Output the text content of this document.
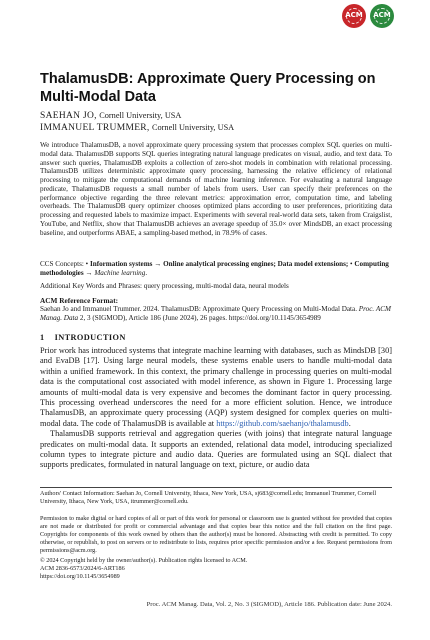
ACM	ACM
ThalamusDB: Approximate Query Processing on Multi-Modal Data
SAEHAN JO, Cornell University, USA
IMMANUEL TRUMMER, Cornell University, USA

We introduce ThalamusDB, a novel approximate query processing system that processes complex SQL queries on multi-modal data. ThalamusDB supports SQL queries integrating natural language predicates on visual, audio, and text data. To answer such queries, ThalamusDB exploits a collection of zero-shot models in combination with relational processing. ThalamusDB utilizes deterministic approximate query processing, harnessing the relative efficiency of relational processing to mitigate the computational demands of machine learning inference. For evaluating a natural language predicate, ThalamusDB requests a small number of labels from users. User can specify their preferences on the performance objective regarding the three relevant metrics: approximation error, computation time, and labeling overheads. The ThalamusDB query optimizer chooses optimized plans according to user preferences, prioritizing data processing and requested labels to maximize impact. Experiments with several real-world data sets, taken from Craigslist, YouTube, and Netflix, show that ThalamusDB achieves an average speedup of 35.0× over MindsDB, an exact processing baseline, and outperforms ABAE, a sampling-based method, in 78.9% of cases.

CCS Concepts: • Information systems → Online analytical processing engines; Data model extensions; • Computing methodologies → Machine learning.
Additional Key Words and Phrases: query processing, multi-modal data, neural models
ACM Reference Format:
Saehan Jo and Immanuel Trummer. 2024. ThalamusDB: Approximate Query Processing on Multi-Modal Data. Proc. ACM Manag. Data 2, 3 (SIGMOD), Article 186 (June 2024), 26 pages. https://doi.org/10.1145/3654989
1 INTRODUCTION

Prior work has introduced systems that integrate machine learning with databases, such as MindsDB [30] and EvaDB [17]. Using large neural models, these systems enable users to handle multi-modal data within a unified framework. In this context, the primary challenge in processing queries on multi-modal data is the computational cost associated with model inference, as shown in Figure 1. Processing large amounts of multi-modal data is very expensive and becomes the dominant factor in query processing. This processing overhead underscores the need for a more efficient solution. Hence, we introduce ThalamusDB, an approximate query processing (AQP) system designed for complex queries on multi-modal data. The code of ThalamusDB is available at https://github.com/saehanjo/thalamusdb.

ThalamusDB supports retrieval and aggregation queries (with joins) that integrate natural language predicates on multi-modal data. It supports an extended, relational data model, introducing specialized column types to integrate picture and audio data. Queries are formulated using an SQL dialect that supports predicates, formulated in natural language on text, picture, or audio data

Authors' Contact Information: Saehan Jo, Cornell University, Ithaca, New York, USA, sj683@cornell.edu; Immanuel Trummer, Cornell University, Ithaca, New York, USA, itrummer@cornell.edu.
Permission to make digital or hard copies of all or part of this work for personal or classroom use is granted without fee provided that copies are not made or distributed for profit or commercial advantage and that copies bear this notice and the full citation on the first page. Copyrights for components of this work owned by others than the author(s) must be honored. Abstracting with credit is permitted. To copy otherwise, or republish, to post on servers or to redistribute to lists, requires prior specific permission and/or a fee. Request permissions from permissions@acm.org.
© 2024 Copyright held by the owner/author(s). Publication rights licensed to ACM.
ACM 2836-6573/2024/6-ART186
https://doi.org/10.1145/3654989
Proc. ACM Manag. Data, Vol. 2, No. 3 (SIGMOD), Article 186. Publication date: June 2024.
